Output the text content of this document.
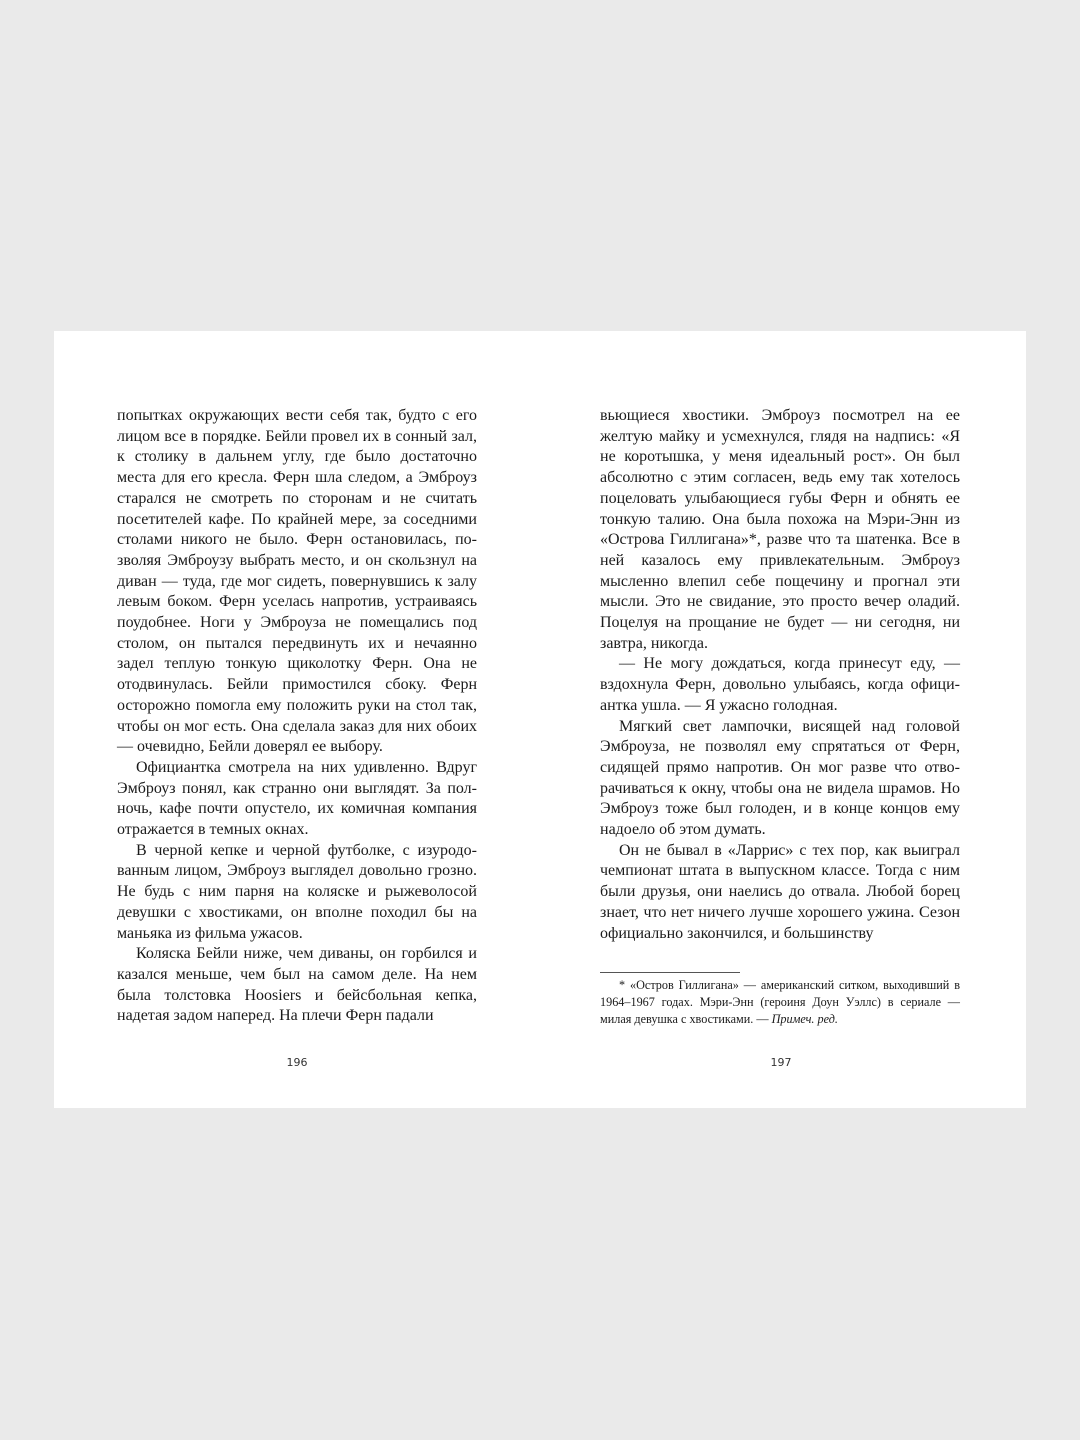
попытках окружающих вести себя так, будто с его лицом все в порядке. Бейли провел их в сонный зал, к столику в дальнем углу, где было достаточно места для его кресла. Ферн шла следом, а Эмброуз старался не смотреть по сторонам и не считать посетителей кафе. По крайней мере, за соседними столами никого не было. Ферн остановилась, позволяя Эмброузу выбрать место, и он скользнул на диван — туда, где мог сидеть, повернувшись к залу левым боком. Ферн уселась напротив, устраиваясь поудобнее. Ноги у Эмброуза не помещались под столом, он пытался передвинуть их и нечаянно задел теплую тонкую щиколотку Ферн. Она не отодвинулась. Бейли примостился сбоку. Ферн осторожно помогла ему положить руки на стол так, чтобы он мог есть. Она сделала заказ для них обоих — очевидно, Бейли доверял ее выбору.

Официантка смотрела на них удивленно. Вдруг Эмброуз понял, как странно они выглядят. За полночь, кафе почти опустело, их комичная компания отражается в темных окнах.

В черной кепке и черной футболке, с изуродованным лицом, Эмброуз выглядел довольно грозно. Не будь с ним парня на коляске и рыжеволосой девушки с хвостиками, он вполне походил бы на маньяка из фильма ужасов.

Коляска Бейли ниже, чем диваны, он горбился и казался меньше, чем был на самом деле. На нем была толстовка Hoosiers и бейсбольная кепка, надетая задом наперед. На плечи Ферн падали

196

вьющиеся хвостики. Эмброуз посмотрел на ее желтую майку и усмехнулся, глядя на надпись: «Я не коротышка, у меня идеальный рост». Он был абсолютно с этим согласен, ведь ему так хотелось поцеловать улыбающиеся губы Ферн и обнять ее тонкую талию. Она была похожа на Мэри-Энн из «Острова Гиллигана»*, разве что та шатенка. Все в ней казалось ему привлекательным. Эмброуз мысленно влепил себе пощечину и прогнал эти мысли. Это не свидание, это просто вечер оладий. Поцелуя на прощание не будет — ни сегодня, ни завтра, никогда.

— Не могу дождаться, когда принесут еду, — вздохнула Ферн, довольно улыбаясь, когда официантка ушла. — Я ужасно голодная.

Мягкий свет лампочки, висящей над головой Эмброуза, не позволял ему спрятаться от Ферн, сидящей прямо напротив. Он мог разве что отворачиваться к окну, чтобы она не видела шрамов. Но Эмброуз тоже был голоден, и в конце концов ему надоело об этом думать.

Он не бывал в «Ларрис» с тех пор, как выиграл чемпионат штата в выпускном классе. Тогда с ним были друзья, они наелись до отвала. Любой борец знает, что нет ничего лучше хорошего ужина. Сезон официально закончился, и большинству

* «Остров Гиллигана» — американский ситком, выходивший в 1964–1967 годах. Мэри-Энн (героиня Доун Уэллс) в сериале — милая девушка с хвостиками. — Примеч. ред.

197
